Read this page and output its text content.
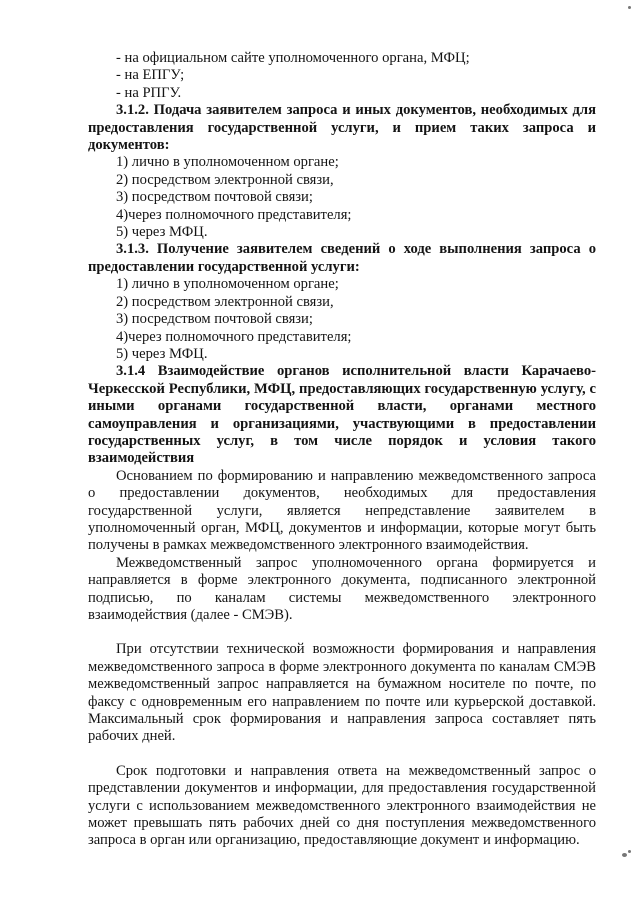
- на официальном сайте уполномоченного органа, МФЦ;

- на ЕПГУ;

- на РПГУ.

3.1.2. Подача заявителем запроса и иных документов, необходимых для предоставления государственной услуги, и прием таких запроса и документов:

1) лично в уполномоченном органе;

2) посредством электронной связи,

3) посредством почтовой связи;

4)через полномочного представителя;

5) через МФЦ.

3.1.3. Получение заявителем сведений о ходе выполнения запроса о предоставлении государственной услуги:

1) лично в уполномоченном органе;

2) посредством электронной связи,

3) посредством почтовой связи;

4)через полномочного представителя;

5) через МФЦ.

3.1.4 Взаимодействие органов исполнительной власти Карачаево-Черкесской Республики, МФЦ, предоставляющих государственную услугу, с иными органами государственной власти, органами местного самоуправления и организациями, участвующими в предоставлении государственных услуг, в том числе порядок и условия такого взаимодействия

Основанием по формированию и направлению межведомственного запроса о предоставлении документов, необходимых для предоставления государственной услуги, является непредставление заявителем в уполномоченный орган, МФЦ, документов и информации, которые могут быть получены в рамках межведомственного электронного взаимодействия.

Межведомственный запрос уполномоченного органа формируется и направляется в форме электронного документа, подписанного электронной подписью, по каналам системы межведомственного электронного взаимодействия (далее - СМЭВ).

При отсутствии технической возможности формирования и направления межведомственного запроса в форме электронного документа по каналам СМЭВ межведомственный запрос направляется на бумажном носителе по почте, по факсу с одновременным его направлением по почте или курьерской доставкой. Максимальный срок формирования и направления запроса составляет пять рабочих дней.

Срок подготовки и направления ответа на межведомственный запрос о представлении документов и информации, для предоставления государственной услуги с использованием межведомственного электронного взаимодействия не может превышать пять рабочих дней со дня поступления межведомственного запроса в орган или организацию, предоставляющие документ и информацию.
